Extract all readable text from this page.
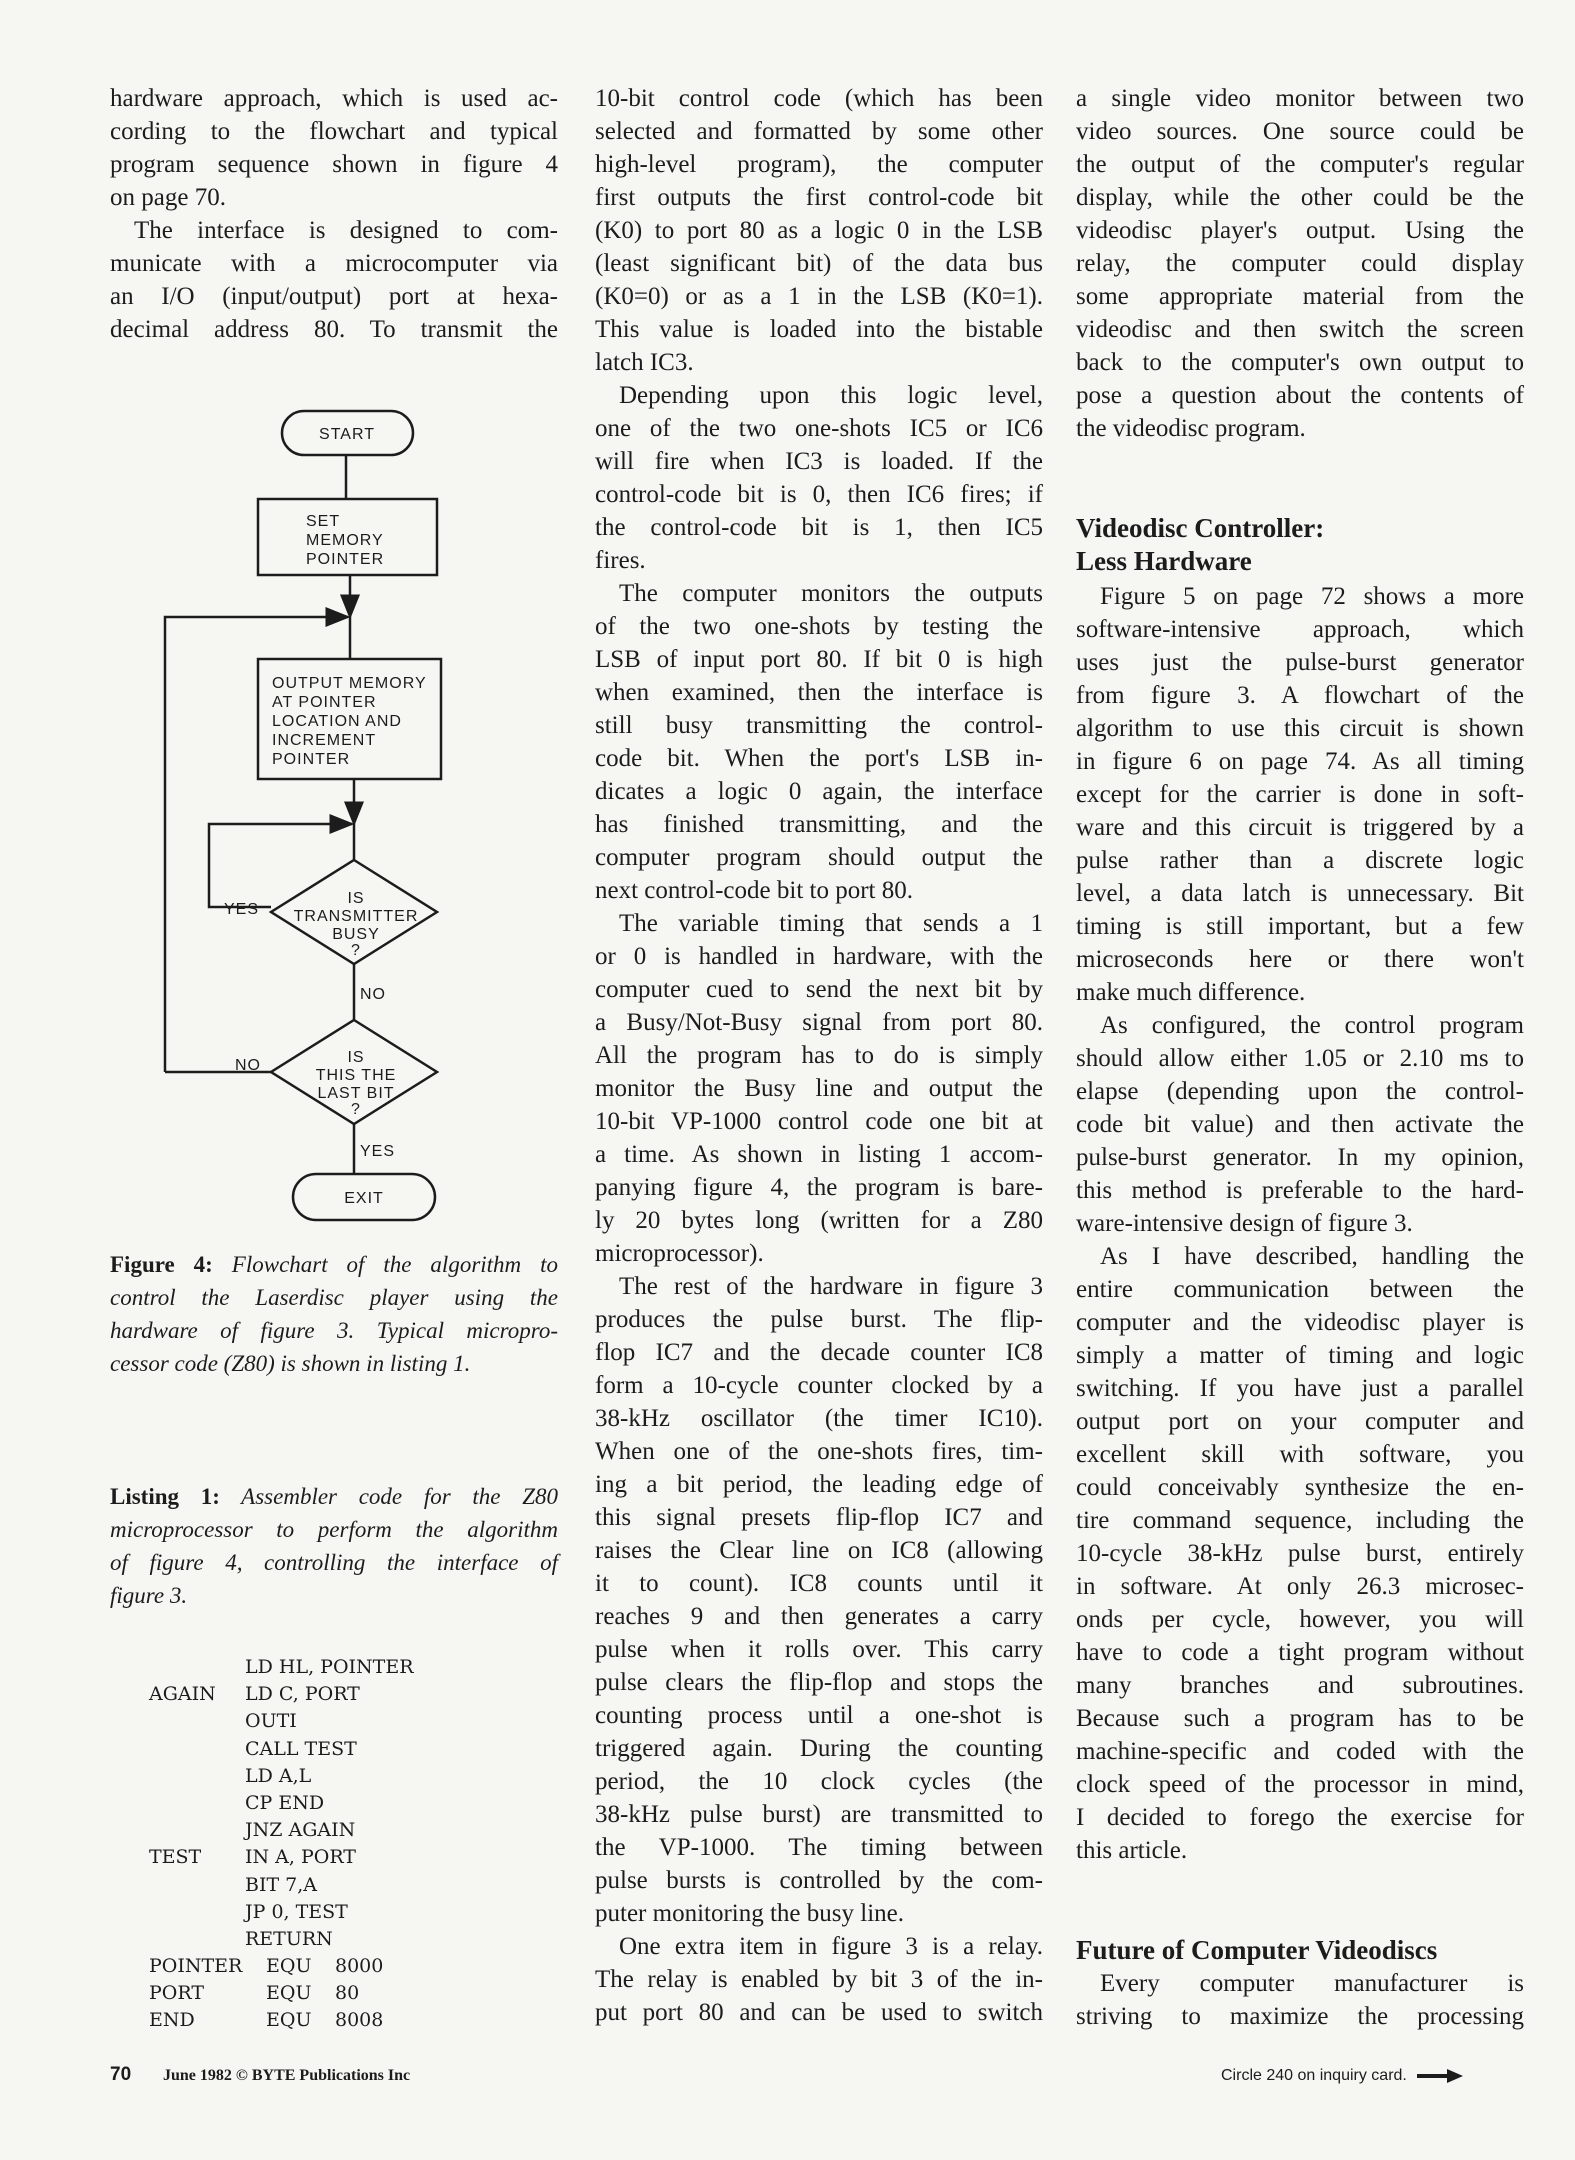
hardware approach, which is used ac-
cording to the flowchart and typical
program sequence shown in figure 4
on page 70.
The interface is designed to com-
municate with a microcomputer via
an I/O (input/output) port at hexa-
decimal address 80. To transmit the
10-bit control code (which has been
selected and formatted by some other
high-level program), the computer
first outputs the first control-code bit
(K0) to port 80 as a logic 0 in the LSB
(least significant bit) of the data bus
(K0=0) or as a 1 in the LSB (K0=1).
This value is loaded into the bistable
latch IC3.
Depending upon this logic level,
one of the two one-shots IC5 or IC6
will fire when IC3 is loaded. If the
control-code bit is 0, then IC6 fires; if
the control-code bit is 1, then IC5
fires.
The computer monitors the outputs
of the two one-shots by testing the
LSB of input port 80. If bit 0 is high
when examined, then the interface is
still busy transmitting the control-
code bit. When the port's LSB in-
dicates a logic 0 again, the interface
has finished transmitting, and the
computer program should output the
next control-code bit to port 80.
The variable timing that sends a 1
or 0 is handled in hardware, with the
computer cued to send the next bit by
a Busy/Not-Busy signal from port 80.
All the program has to do is simply
monitor the Busy line and output the
10-bit VP-1000 control code one bit at
a time. As shown in listing 1 accom-
panying figure 4, the program is bare-
ly 20 bytes long (written for a Z80
microprocessor).
The rest of the hardware in figure 3
produces the pulse burst. The flip-
flop IC7 and the decade counter IC8
form a 10-cycle counter clocked by a
38-kHz oscillator (the timer IC10).
When one of the one-shots fires, tim-
ing a bit period, the leading edge of
this signal presets flip-flop IC7 and
raises the Clear line on IC8 (allowing
it to count). IC8 counts until it
reaches 9 and then generates a carry
pulse when it rolls over. This carry
pulse clears the flip-flop and stops the
counting process until a one-shot is
triggered again. During the counting
period, the 10 clock cycles (the
38-kHz pulse burst) are transmitted to
the VP-1000. The timing between
pulse bursts is controlled by the com-
puter monitoring the busy line.
One extra item in figure 3 is a relay.
The relay is enabled by bit 3 of the in-
put port 80 and can be used to switch
a single video monitor between two
video sources. One source could be
the output of the computer's regular
display, while the other could be the
videodisc player's output. Using the
relay, the computer could display
some appropriate material from the
videodisc and then switch the screen
back to the computer's own output to
pose a question about the contents of
the videodisc program.
Videodisc Controller:
Less Hardware
Figure 5 on page 72 shows a more
software-intensive approach, which
uses just the pulse-burst generator
from figure 3. A flowchart of the
algorithm to use this circuit is shown
in figure 6 on page 74. As all timing
except for the carrier is done in soft-
ware and this circuit is triggered by a
pulse rather than a discrete logic
level, a data latch is unnecessary. Bit
timing is still important, but a few
microseconds here or there won't
make much difference.
As configured, the control program
should allow either 1.05 or 2.10 ms to
elapse (depending upon the control-
code bit value) and then activate the
pulse-burst generator. In my opinion,
this method is preferable to the hard-
ware-intensive design of figure 3.
As I have described, handling the
entire communication between the
computer and the videodisc player is
simply a matter of timing and logic
switching. If you have just a parallel
output port on your computer and
excellent skill with software, you
could conceivably synthesize the en-
tire command sequence, including the
10-cycle 38-kHz pulse burst, entirely
in software. At only 26.3 microsec-
onds per cycle, however, you will
have to code a tight program without
many branches and subroutines.
Because such a program has to be
machine-specific and coded with the
clock speed of the processor in mind,
I decided to forego the exercise for
this article.
Future of Computer Videodiscs
Every computer manufacturer is
striving to maximize the processing
START
SET
MEMORY
POINTER
OUTPUT MEMORY
AT POINTER
LOCATION AND
INCREMENT
POINTER
IS
TRANSMITTER
BUSY
?
IS
THIS THE
LAST BIT
?
YES
NO
NO
YES
EXIT
Figure 4: Flowchart of the algorithm to
control the Laserdisc player using the
hardware of figure 3. Typical micropro-
cessor code (Z80) is shown in listing 1.
Listing 1: Assembler code for the Z80
microprocessor to perform the algorithm
of figure 4, controlling the interface of
figure 3.
LD HL, POINTER
AGAIN LD C, PORT
OUTI
CALL TEST
LD A,L
CP END
JNZ AGAIN
TEST IN A, PORT
BIT 7,A
JP 0, TEST
RETURN
POINTER EQU 8000
PORT	EQU 80
END	EQU 8008
70 June 1982 © BYTE Publications Inc	Circle 240 on inquiry card.
